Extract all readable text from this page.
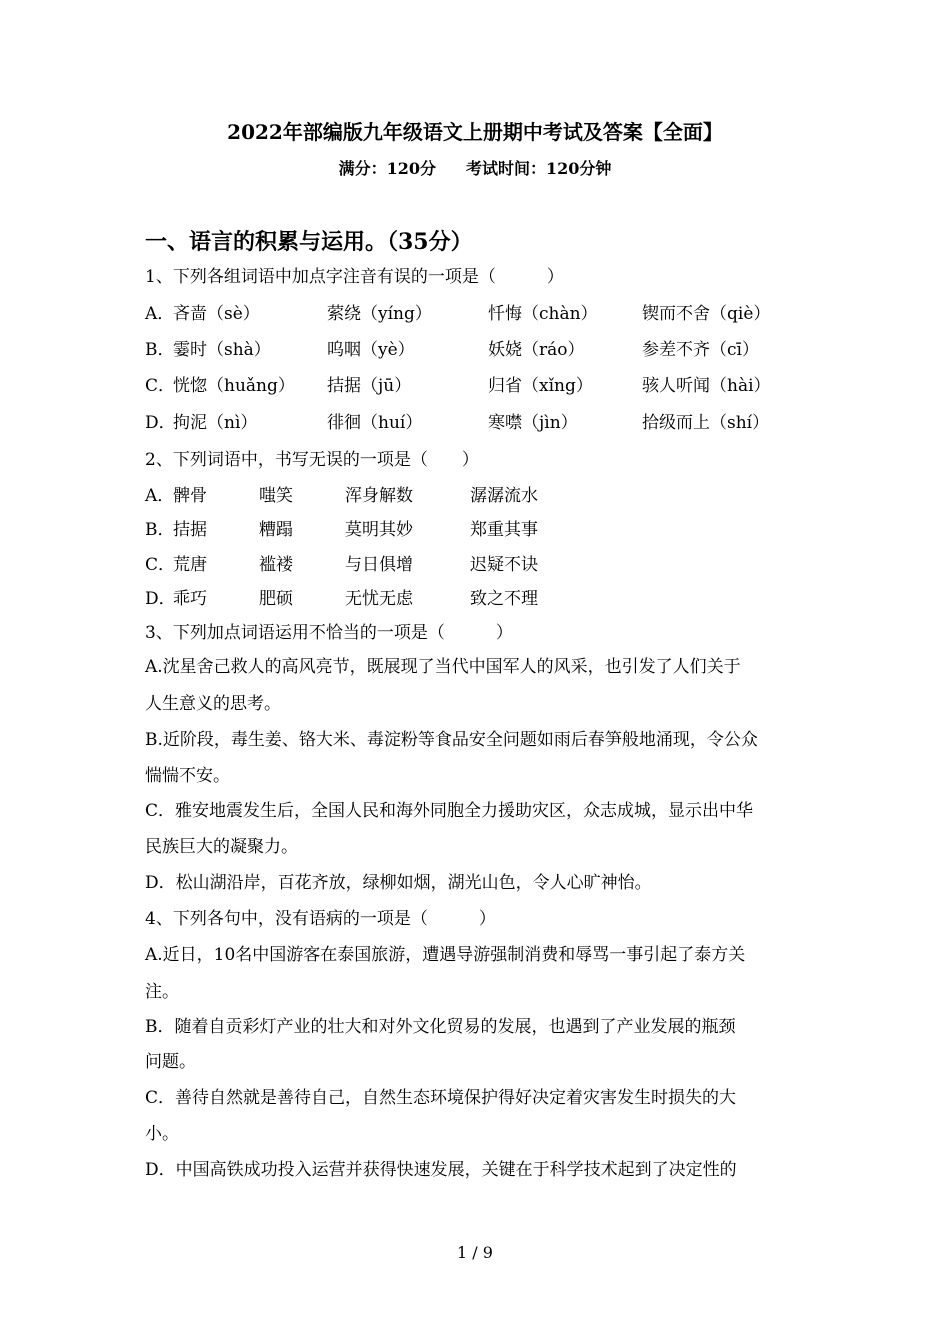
2022年部编版九年级语文上册期中考试及答案【全面】
满分：120分 考试时间：120分钟
一、语言的积累与运用。（35分）
1、下列各组词语中加点字注音有误的一项是（　　　）
A．
吝啬（sè）	萦绕（yíng）	忏悔（chàn）	锲而不舍（qiè）
B．
霎时（shà）	呜咽（yè）	妖娆（ráo）	参差不齐（cī）
C．
恍惚（huǎng） 拮据（jū）	归省（xǐng）	骇人听闻（hài）
D．
拘泥（nì）	徘徊（huí）	寒噤（jìn）	拾级而上（shí）
2、下列词语中，书写无误的一项是（　　）
A．
髀骨	嗤笑	浑身解数	潺潺流水
B．
拮据	糟蹋	莫明其妙	郑重其事
C．
荒唐	褴褛	与日俱增	迟疑不诀
D．
乖巧	肥硕	无忧无虑	致之不理
3、下列加点词语运用不恰当的一项是（　　　）
A.沈星舍己救人的高风亮节，既展现了当代中国军人的风采，也引发了人们关于
人生意义的思考。
B.近阶段，毒生姜、铬大米、毒淀粉等食品安全问题如雨后春笋般地涌现，令公众
惴惴不安。
C．雅安地震发生后，全国人民和海外同胞全力援助灾区，众志成城，显示出中华
民族巨大的凝聚力。
D．松山湖沿岸，百花齐放，绿柳如烟，湖光山色，令人心旷神怡。
4、下列各句中，没有语病的一项是（　　　）
A.近日，10名中国游客在泰国旅游，遭遇导游强制消费和辱骂一事引起了泰方关
注。
B．随着自贡彩灯产业的壮大和对外文化贸易的发展，也遇到了产业发展的瓶颈
问题。
C．善待自然就是善待自己，自然生态环境保护得好决定着灾害发生时损失的大
小。
D．中国高铁成功投入运营并获得快速发展，关键在于科学技术起到了决定性的
1 / 9
